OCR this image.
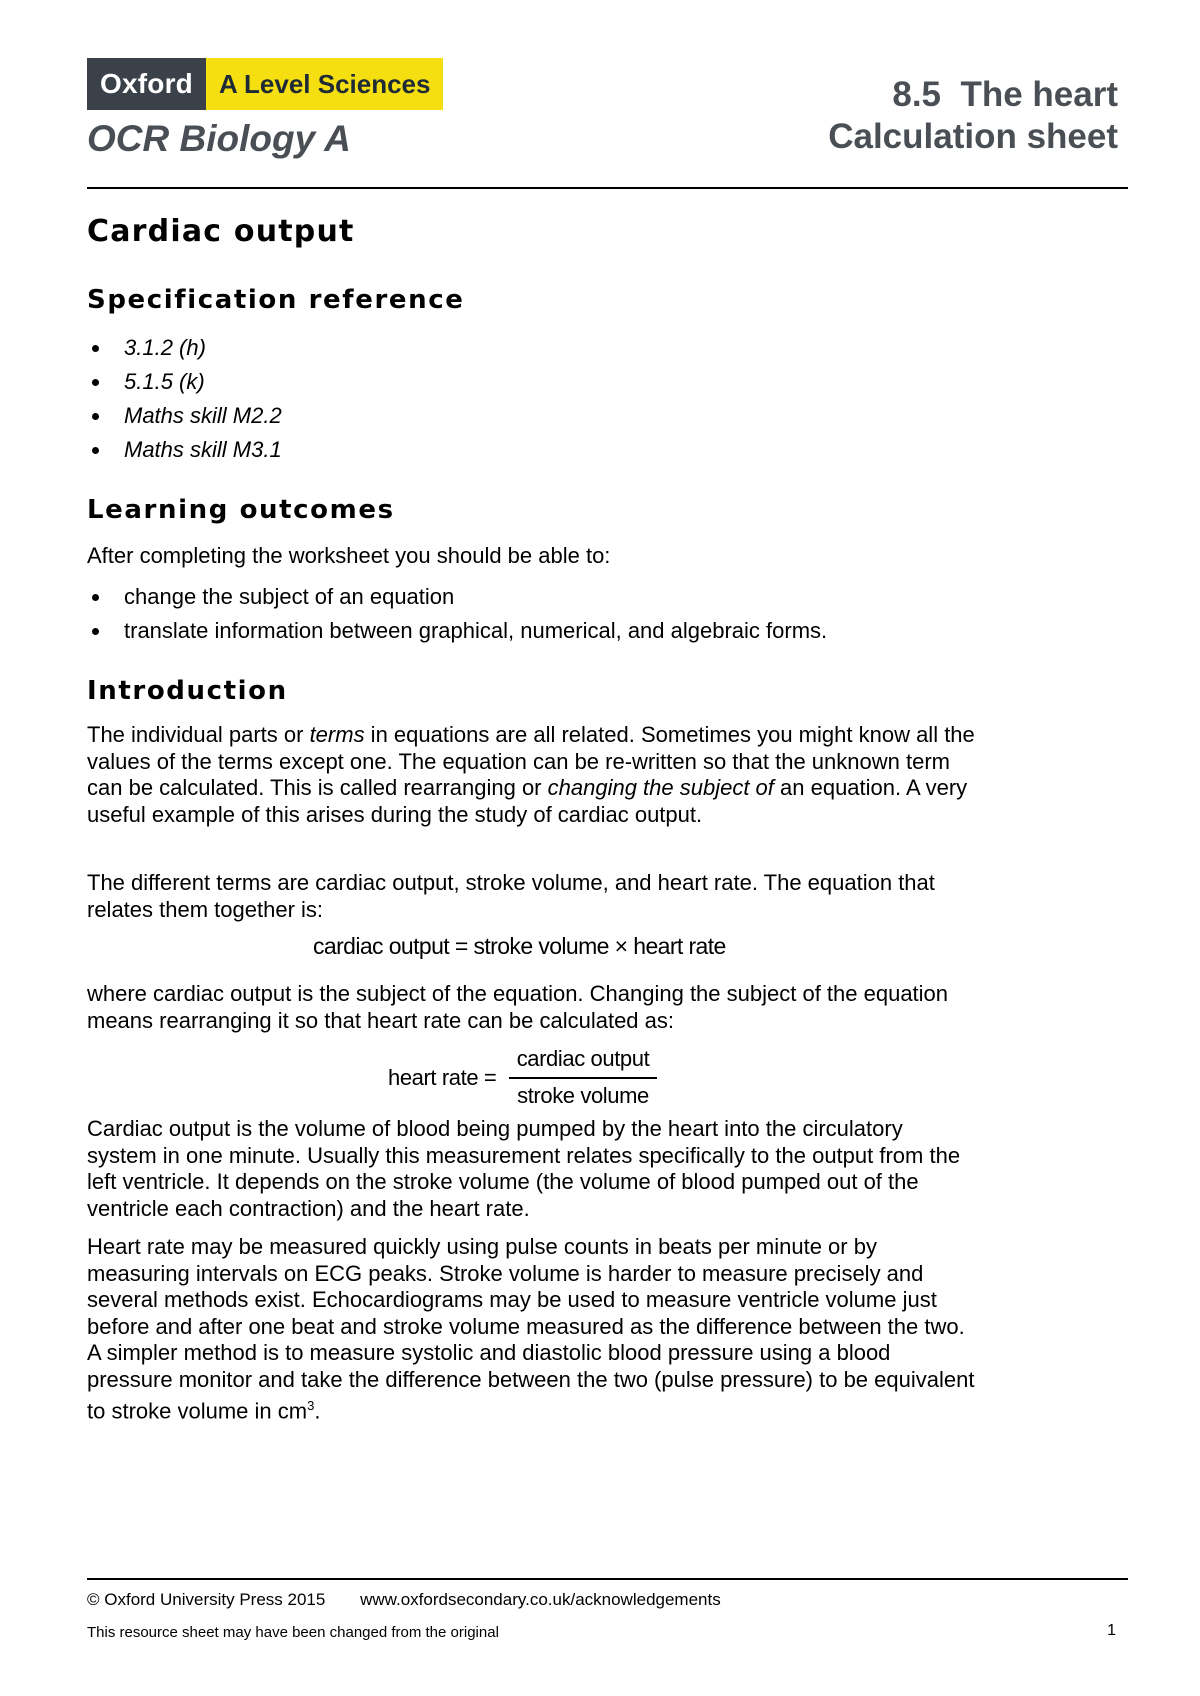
Oxford	A Level Sciences
OCR Biology A
8.5  The heart
Calculation sheet
Cardiac output
Specification reference
3.1.2 (h)
5.1.5 (k)
Maths skill M2.2
Maths skill M3.1
Learning outcomes
After completing the worksheet you should be able to:
change the subject of an equation
translate information between graphical, numerical, and algebraic forms.
Introduction
The individual parts or terms in equations are all related. Sometimes you might know all the values of the terms except one. The equation can be re-written so that the unknown term can be calculated. This is called rearranging or changing the subject of an equation. A very useful example of this arises during the study of cardiac output.
The different terms are cardiac output, stroke volume, and heart rate. The equation that relates them together is:
cardiac output = stroke volume × heart rate
where cardiac output is the subject of the equation. Changing the subject of the equation means rearranging it so that heart rate can be calculated as:
heart rate =
cardiac output
stroke volume
Cardiac output is the volume of blood being pumped by the heart into the circulatory system in one minute. Usually this measurement relates specifically to the output from the left ventricle. It depends on the stroke volume (the volume of blood pumped out of the ventricle each contraction) and the heart rate.
Heart rate may be measured quickly using pulse counts in beats per minute or by measuring intervals on ECG peaks. Stroke volume is harder to measure precisely and several methods exist. Echocardiograms may be used to measure ventricle volume just before and after one beat and stroke volume measured as the difference between the two. A simpler method is to measure systolic and diastolic blood pressure using a blood pressure monitor and take the difference between the two (pulse pressure) to be equivalent to stroke volume in $cm^3$.
© Oxford University Press 2015 www.oxfordsecondary.co.uk/acknowledgements
This resource sheet may have been changed from the original	1
